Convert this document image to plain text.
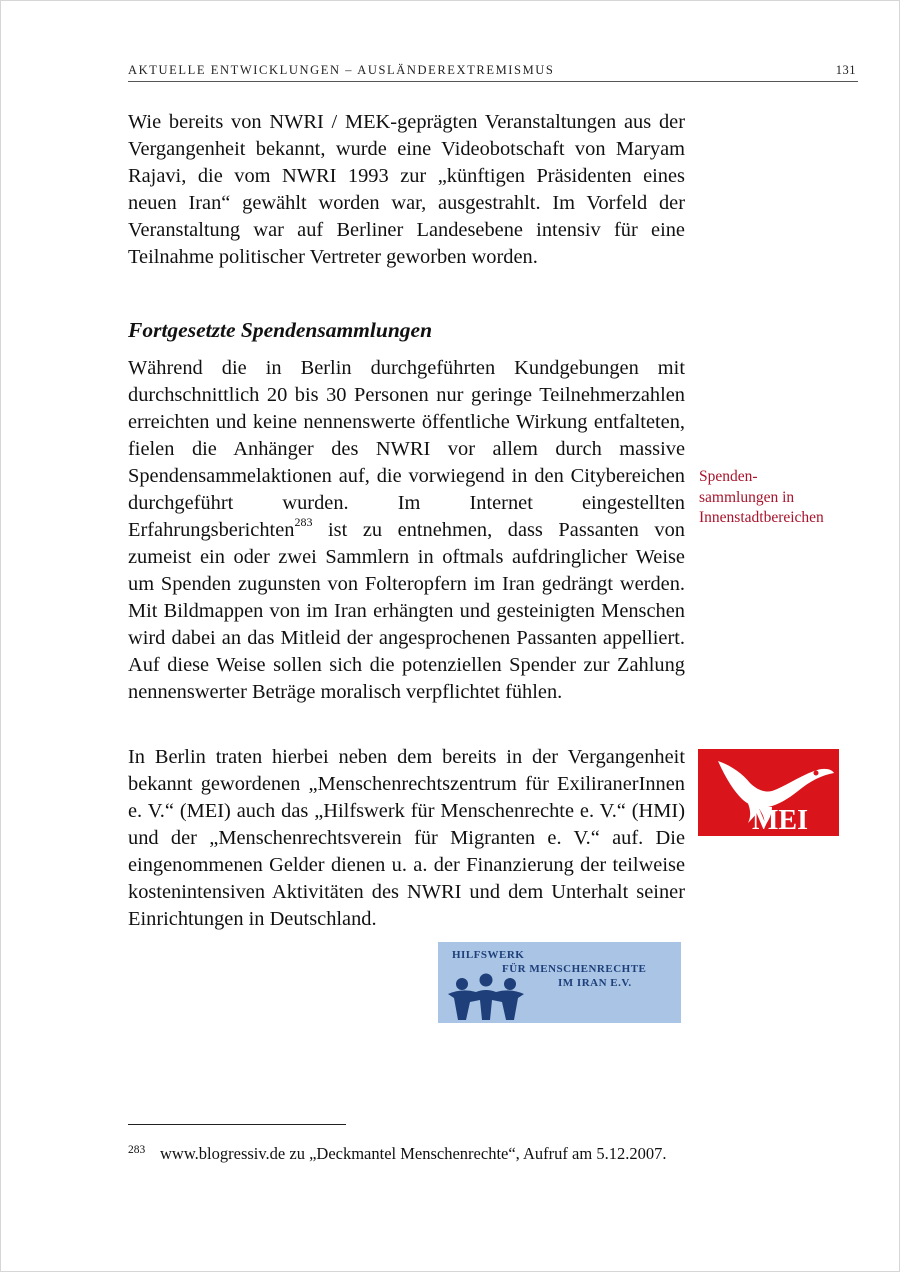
AKTUELLE ENTWICKLUNGEN – AUSLÄNDEREXTREMISMUS	131
Wie bereits von NWRI / MEK-geprägten Veranstaltungen aus der Vergangenheit bekannt, wurde eine Videobotschaft von Maryam Rajavi, die vom NWRI 1993 zur „künftigen Präsidenten eines neuen Iran“ gewählt worden war, ausgestrahlt. Im Vorfeld der Veranstaltung war auf Berliner Landesebene intensiv für eine Teilnahme politischer Vertreter geworben worden.
Fortgesetzte Spendensammlungen
Während die in Berlin durchgeführten Kundgebungen mit durchschnittlich 20 bis 30 Personen nur geringe Teilnehmerzahlen erreichten und keine nennenswerte öffentliche Wirkung entfalteten, fielen die Anhänger des NWRI vor allem durch massive Spendensammelaktionen auf, die vorwiegend in den Citybereichen durchgeführt wurden. Im Internet eingestellten Erfahrungsberichten$^{283}$ ist zu entnehmen, dass Passanten von zumeist ein oder zwei Sammlern in oftmals aufdringlicher Weise um Spenden zugunsten von Folteropfern im Iran gedrängt werden. Mit Bildmappen von im Iran erhängten und gesteinigten Menschen wird dabei an das Mitleid der angesprochenen Passanten appelliert. Auf diese Weise sollen sich die potenziellen Spender zur Zahlung nennenswerter Beträge moralisch verpflichtet fühlen.
In Berlin traten hierbei neben dem bereits in der Vergangenheit bekannt gewordenen „Menschenrechtszentrum für ExiliranerInnen e. V.“ (MEI) auch das „Hilfswerk für Menschenrechte e. V.“ (HMI) und der „Menschenrechtsverein für Migranten e. V.“ auf. Die eingenommenen Gelder dienen u. a. der Finanzierung der teilweise kostenintensiven Aktivitäten des NWRI und dem Unterhalt seiner Einrichtungen in Deutschland.
Spenden-
sammlungen in
Innenstadtbereichen
MEI
HILFSWERK
FÜR MENSCHENRECHTE
IM IRAN E.V.
283 www.blogressiv.de zu „Deckmantel Menschenrechte“, Aufruf am 5.12.2007.
